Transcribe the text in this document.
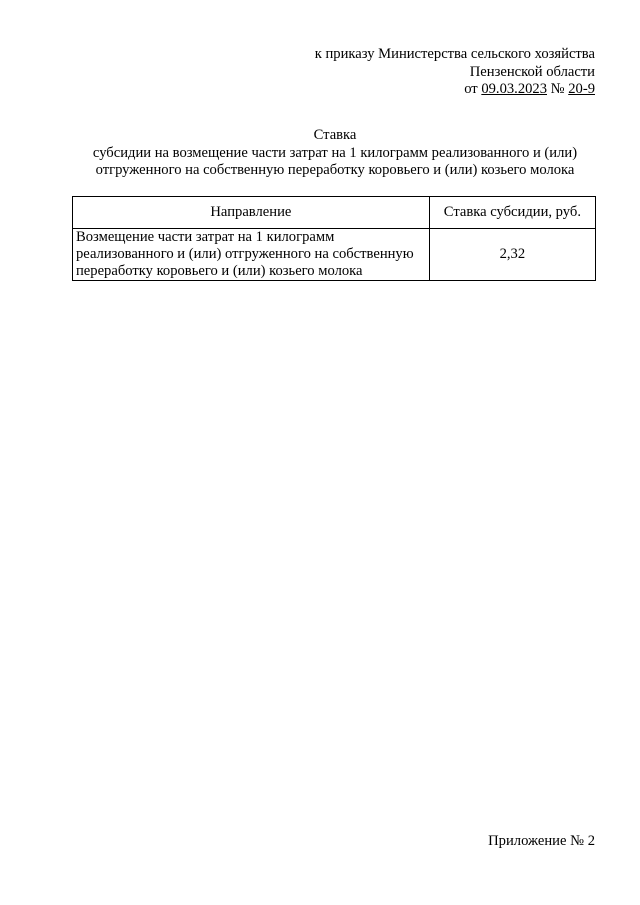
к приказу Министерства сельского хозяйства
Пензенской области
от 09.03.2023 № 20-9
Ставка
субсидии на возмещение части затрат на 1 килограмм реализованного и (или)
отгруженного на собственную переработку коровьего и (или) козьего молока
Направление	Ставка субсидии, руб.
Возмещение части затрат на 1 килограмм реализованного и (или) отгруженного на собственную переработку коровьего и (или) козьего молока	2,32
Приложение № 2
